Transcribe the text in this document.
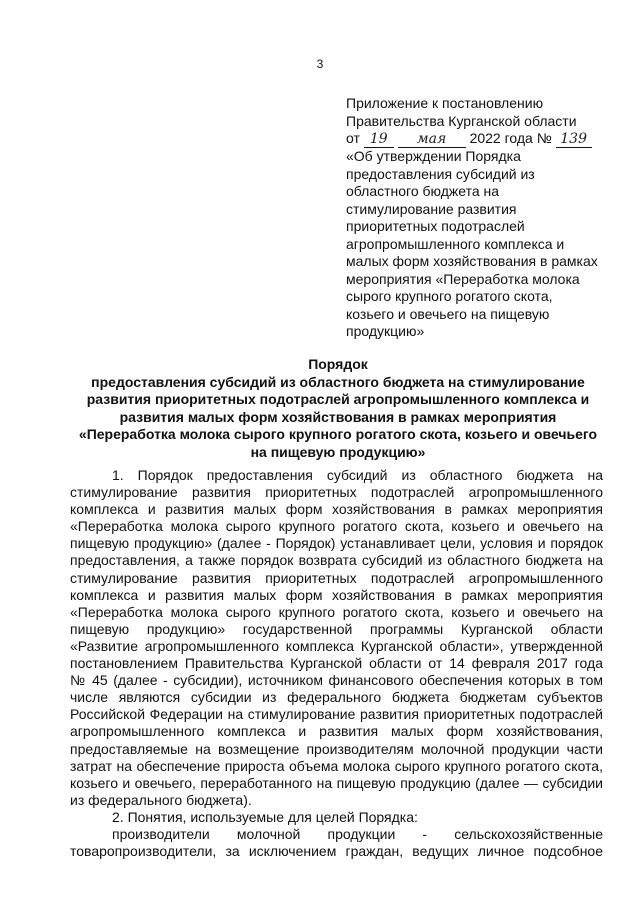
3
Приложение к постановлению
Правительства Курганской области
от 19 мая 2022 года № 139
«Об утверждении Порядка
предоставления субсидий из
областного бюджета на
стимулирование развития
приоритетных подотраслей
агропромышленного комплекса и
малых форм хозяйствования в рамках
мероприятия «Переработка молока
сырого крупного рогатого скота,
козьего и овечьего на пищевую
продукцию»
Порядок
предоставления субсидий из областного бюджета на стимулирование
развития приоритетных подотраслей агропромышленного комплекса и
развития малых форм хозяйствования в рамках мероприятия
«Переработка молока сырого крупного рогатого скота, козьего и овечьего
на пищевую продукцию»
1. Порядок предоставления субсидий из областного бюджета на
стимулирование развития приоритетных подотраслей агропромышленного
комплекса и развития малых форм хозяйствования в рамках мероприятия
«Переработка молока сырого крупного рогатого скота, козьего и овечьего на
пищевую продукцию» (далее - Порядок) устанавливает цели, условия и порядок
предоставления, а также порядок возврата субсидий из областного бюджета на
стимулирование развития приоритетных подотраслей агропромышленного
комплекса и развития малых форм хозяйствования в рамках мероприятия
«Переработка молока сырого крупного рогатого скота, козьего и овечьего на
пищевую продукцию» государственной программы Курганской области
«Развитие агропромышленного комплекса Курганской области», утвержденной
постановлением Правительства Курганской области от 14 февраля 2017 года
№ 45 (далее - субсидии), источником финансового обеспечения которых в том
числе являются субсидии из федерального бюджета бюджетам субъектов
Российской Федерации на стимулирование развития приоритетных подотраслей
агропромышленного комплекса и развития малых форм хозяйствования,
предоставляемые на возмещение производителям молочной продукции части
затрат на обеспечение прироста объема молока сырого крупного рогатого скота,
козьего и овечьего, переработанного на пищевую продукцию (далее — субсидии
из федерального бюджета).
2. Понятия, используемые для целей Порядка:
производители молочной продукции - сельскохозяйственные
товаропроизводители, за исключением граждан, ведущих личное подсобное
